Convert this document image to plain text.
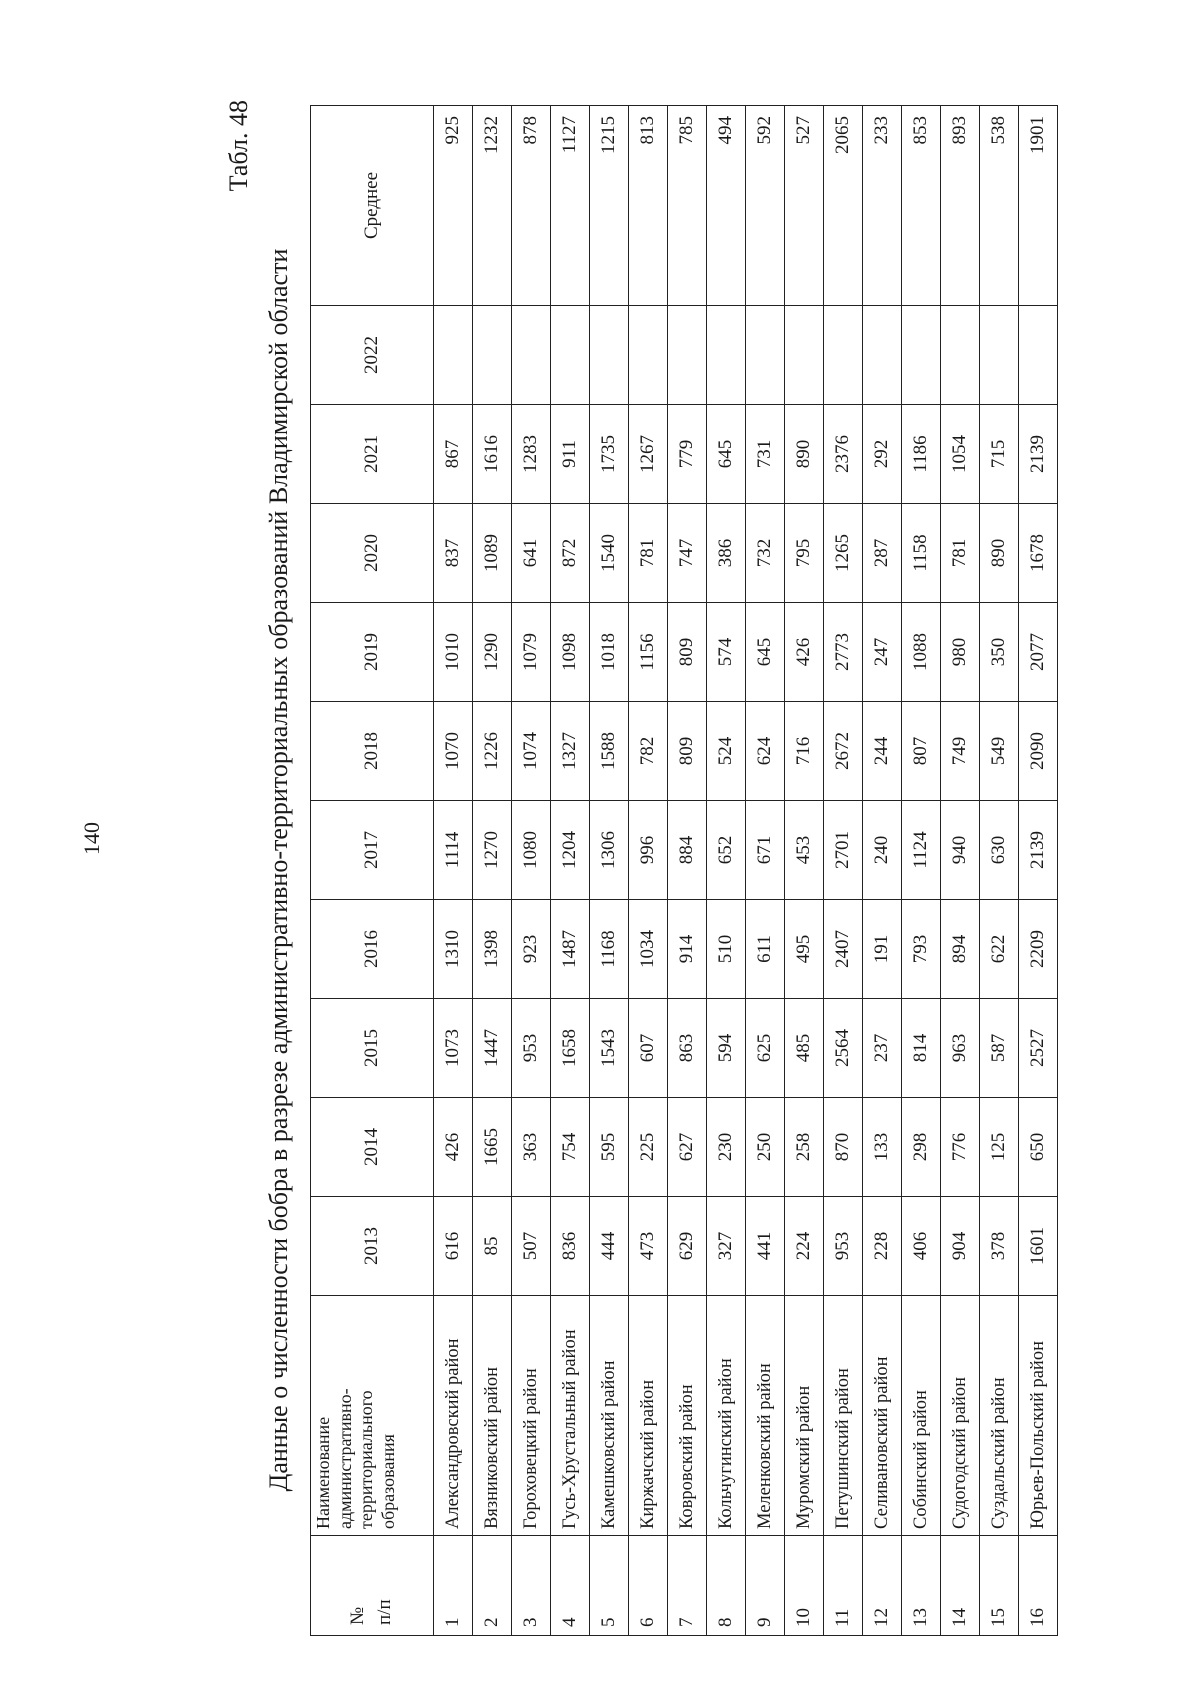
140
Табл. 48
Данные о численности бобра в разрезе административно-территориальных образований Владимирской области
№ п/п	Наименование административно-территориального образования	2013	2014	2015	2016	2017	2018	2019	2020	2021	2022	Среднее
1	Александровский район	616	426	1073	1310	1114	1070	1010	837	867		925
2	Вязниковский район	85	1665	1447	1398	1270	1226	1290	1089	1616		1232
3	Гороховецкий район	507	363	953	923	1080	1074	1079	641	1283		878
4	Гусь-Хрустальный район	836	754	1658	1487	1204	1327	1098	872	911		1127
5	Камешковский район	444	595	1543	1168	1306	1588	1018	1540	1735		1215
6	Киржачский район	473	225	607	1034	996	782	1156	781	1267		813
7	Ковровский район	629	627	863	914	884	809	809	747	779		785
8	Кольчугинский район	327	230	594	510	652	524	574	386	645		494
9	Меленковский район	441	250	625	611	671	624	645	732	731		592
10	Муромский район	224	258	485	495	453	716	426	795	890		527
11	Петушинский район	953	870	2564	2407	2701	2672	2773	1265	2376		2065
12	Селивановский район	228	133	237	191	240	244	247	287	292		233
13	Собинский район	406	298	814	793	1124	807	1088	1158	1186		853
14	Судогодский район	904	776	963	894	940	749	980	781	1054		893
15	Суздальский район	378	125	587	622	630	549	350	890	715		538
16	Юрьев-Польский район	1601	650	2527	2209	2139	2090	2077	1678	2139		1901
